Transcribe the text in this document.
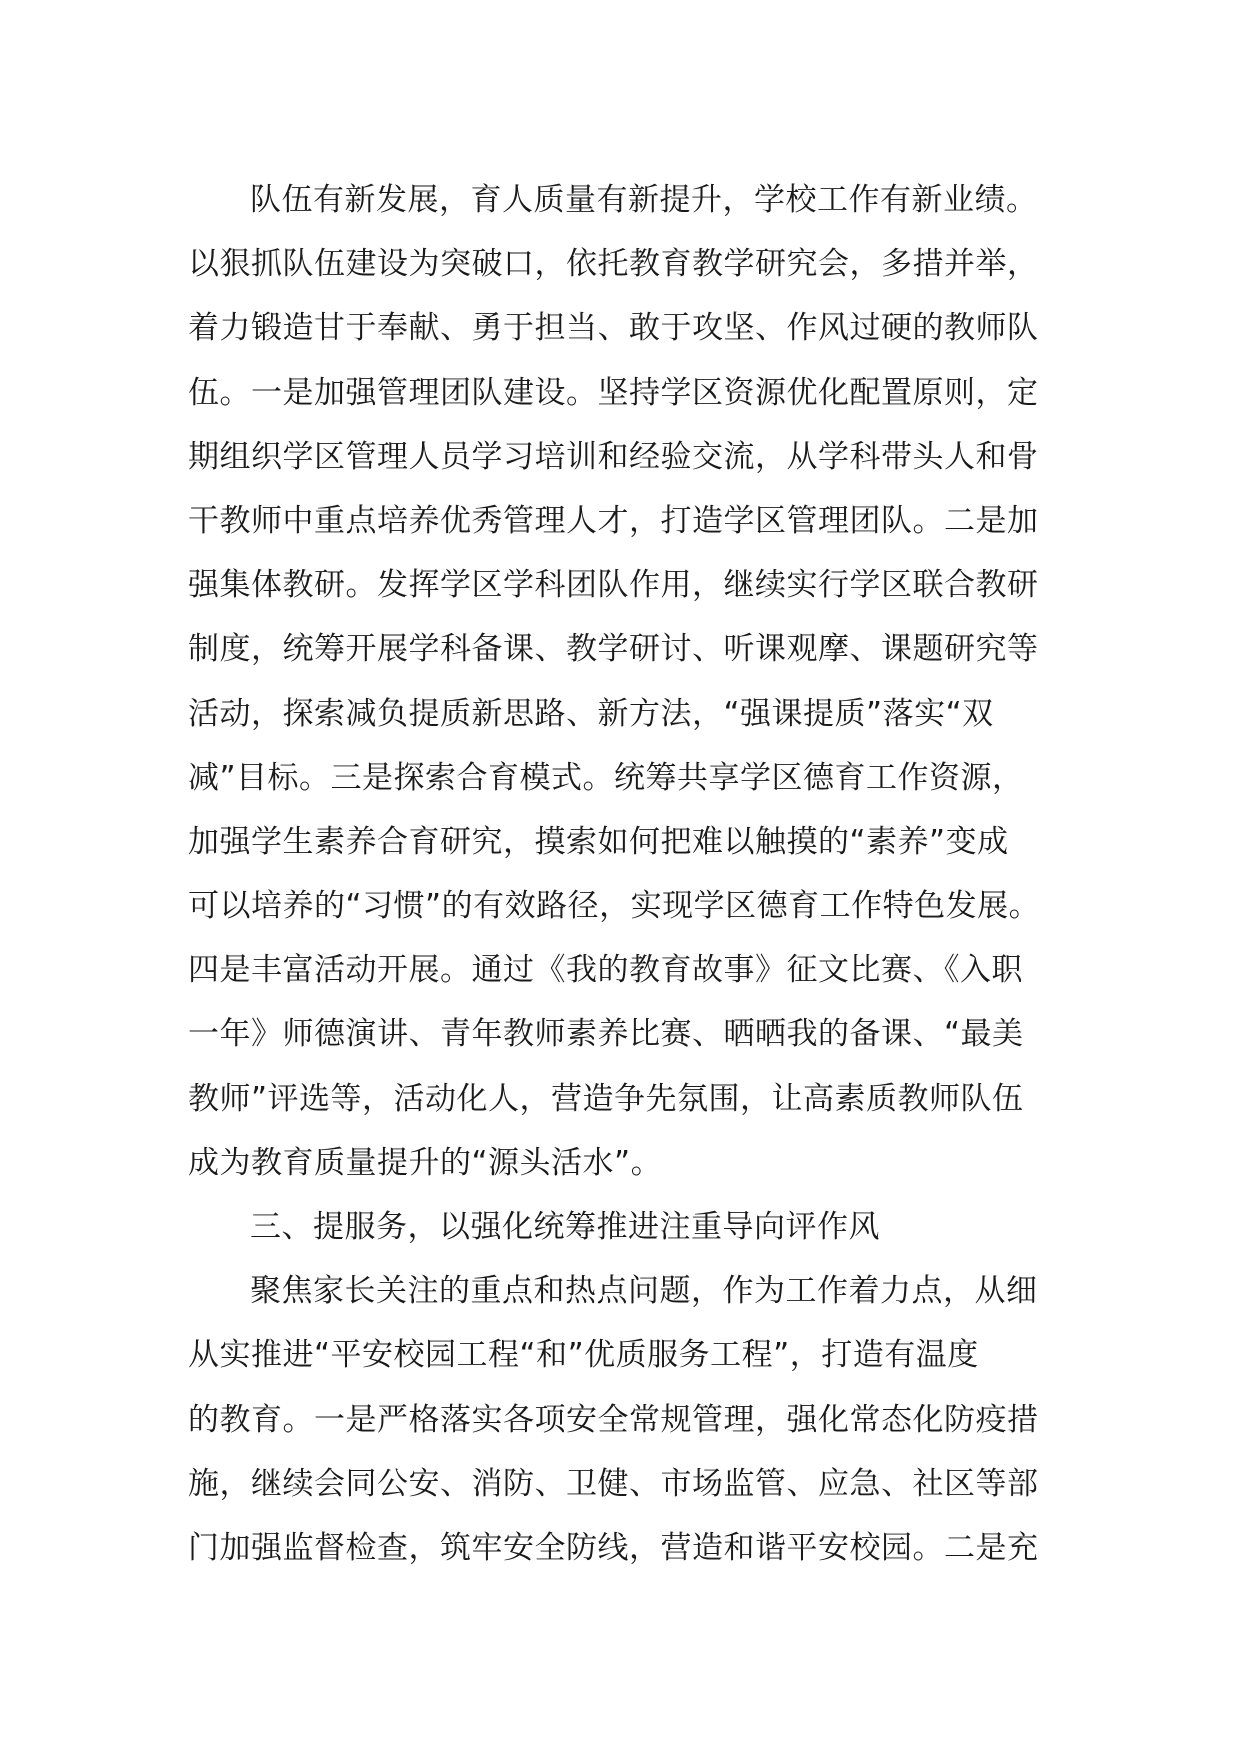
队伍有新发展，育人质量有新提升，学校工作有新业绩。
以狠抓队伍建设为突破口，依托教育教学研究会，多措并举，
着力锻造甘于奉献、勇于担当、敢于攻坚、作风过硬的教师队
伍。一是加强管理团队建设。坚持学区资源优化配置原则，定
期组织学区管理人员学习培训和经验交流，从学科带头人和骨
干教师中重点培养优秀管理人才，打造学区管理团队。二是加
强集体教研。发挥学区学科团队作用，继续实行学区联合教研
制度，统筹开展学科备课、教学研讨、听课观摩、课题研究等
活动，探索减负提质新思路、新方法，“强课提质”落实“双
减”目标。三是探索合育模式。统筹共享学区德育工作资源，
加强学生素养合育研究，摸索如何把难以触摸的“素养”变成
可以培养的“习惯”的有效路径，实现学区德育工作特色发展。
四是丰富活动开展。通过《我的教育故事》征文比赛、《入职
一年》师德演讲、青年教师素养比赛、晒晒我的备课、“最美
教师”评选等，活动化人，营造争先氛围，让高素质教师队伍
成为教育质量提升的“源头活水”。
三、提服务，以强化统筹推进注重导向评作风
聚焦家长关注的重点和热点问题，作为工作着力点，从细
从实推进“平安校园工程“和”优质服务工程”，打造有温度
的教育。一是严格落实各项安全常规管理，强化常态化防疫措
施，继续会同公安、消防、卫健、市场监管、应急、社区等部
门加强监督检查，筑牢安全防线，营造和谐平安校园。二是充
